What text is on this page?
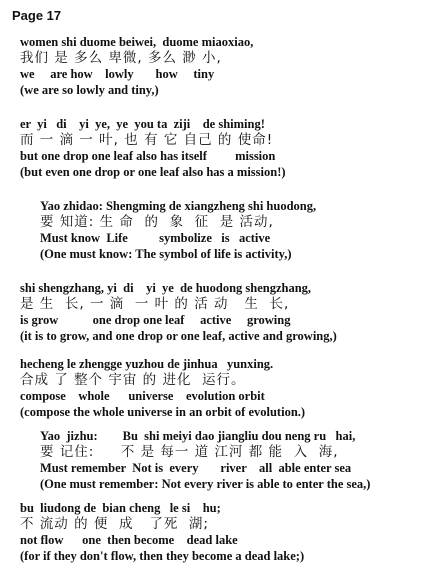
Page 17
women shi duome beiwei,  duome miaoxiao,
我们 是 多么 卑微, 多么 渺 小,
we     are how    lowly       how     tiny
(we are so lowly and tiny,)
er  yi   di    yi  ye,  ye  you ta  ziji    de shiming!
而 一 滴 一 叶, 也 有 它 自己 的 使命!
but one drop one leaf also has itself         mission
(but even one drop or one leaf also has a mission!)
Yao zhidao: Shengming de xiangzheng shi huodong,
要 知道: 生 命  的  象  征  是 活动,
Must know  Life          symbolize   is   active
(One must know: The symbol of life is activity,)
shi shengzhang, yi  di    yi  ye  de huodong shengzhang,
是 生  长, 一 滴  一 叶 的 活 动   生  长,
is grow           one drop one leaf     active     growing
(it is to grow, and one drop or one leaf, active and growing,)
hecheng le zhengge yuzhou de jinhua   yunxing.
合成 了 整个 宇宙 的 进化  运行。
compose    whole      universe    evolution orbit
(compose the whole universe in an orbit of evolution.)
Yao  jizhu:        Bu  shi meiyi dao jiangliu dou neng ru   hai,
要 记住:     不 是 每一 道 江河 都 能  入  海,
Must remember  Not is  every       river    all  able enter sea
(One must remember: Not every river is able to enter the sea,)
bu  liudong de  bian cheng   le si    hu;
不 流动 的 便  成   了死  湖;
not flow      one  then become    dead lake
(for if they don't flow, then they become a dead lake;)
